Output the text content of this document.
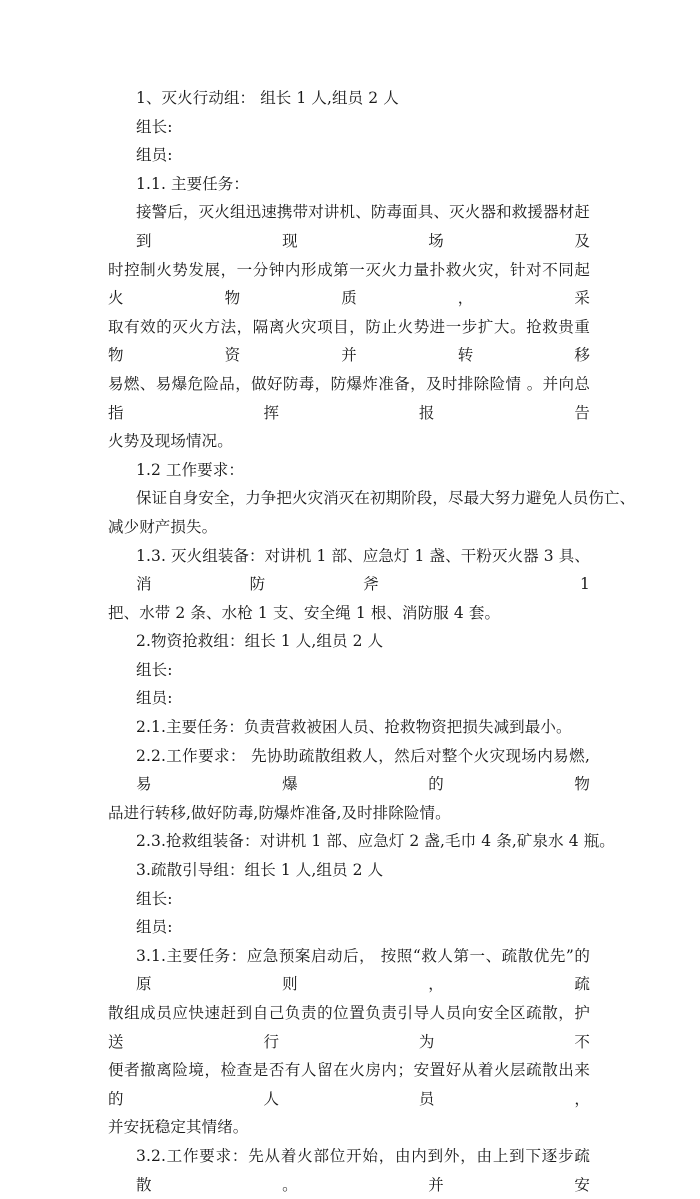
1、灭火行动组： 组长 1 人,组员 2 人
组长:
组员:
1.1. 主要任务：
接警后，灭火组迅速携带对讲机、防毒面具、灭火器和救援器材赶到现场及
时控制火势发展，一分钟内形成第一灭火力量扑救火灾，针对不同起火物质，采
取有效的灭火方法，隔离火灾项目，防止火势进一步扩大。抢救贵重物资并转移
易燃、易爆危险品，做好防毒，防爆炸准备，及时排除险情 。并向总指挥报告
火势及现场情况。
1.2 工作要求：
保证自身安全，力争把火灾消灭在初期阶段，尽最大努力避免人员伤亡、
减少财产损失。
1.3. 灭火组装备：对讲机 1 部、应急灯 1 盏、干粉灭火器 3 具、消防斧 1
把、水带 2 条、水枪 1 支、安全绳 1 根、消防服 4 套。
2.物资抢救组：组长 1 人,组员 2 人
组长:
组员:
2.1.主要任务：负责营救被困人员、抢救物资把损失减到最小。
2.2.工作要求： 先协助疏散组救人，然后对整个火灾现场内易燃,易爆的物
品进行转移,做好防毒,防爆炸准备,及时排除险情。
2.3.抢救组装备：对讲机 1 部、应急灯 2 盏,毛巾 4 条,矿泉水 4 瓶。
3.疏散引导组：组长 1 人,组员 2 人
组长:
组员:
3.1.主要任务：应急预案启动后， 按照“救人第一、疏散优先”的原则，疏
散组成员应快速赶到自己负责的位置负责引导人员向安全区疏散，护送行为不
便者撤离险境，检查是否有人留在火房内；安置好从着火层疏散出来的人员，
并安抚稳定其情绪。
3.2.工作要求：先从着火部位开始，由内到外，由上到下逐步疏散。并安
